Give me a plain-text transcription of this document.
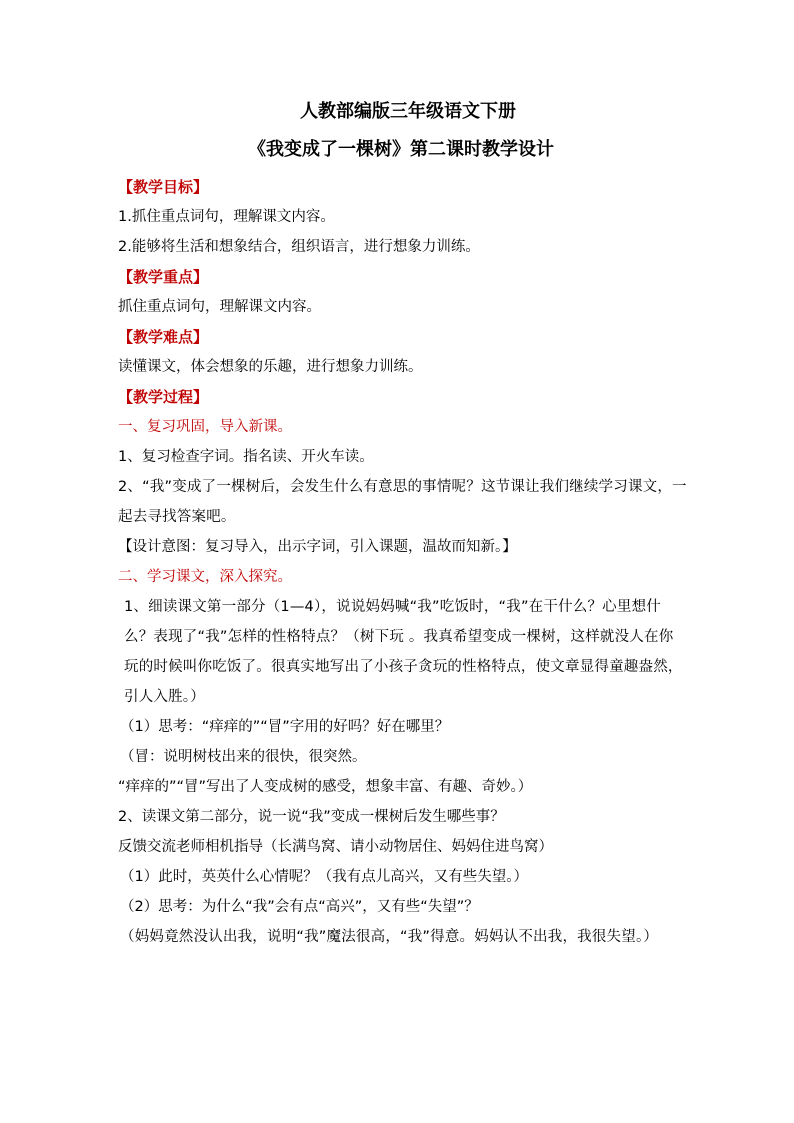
人教部编版三年级语文下册
《我变成了一棵树》第二课时教学设计
【教学目标】
1.抓住重点词句，理解课文内容。
2.能够将生活和想象结合，组织语言，进行想象力训练。
【教学重点】
抓住重点词句，理解课文内容。
【教学难点】
读懂课文，体会想象的乐趣，进行想象力训练。
【教学过程】
一、复习巩固，导入新课。
1、复习检查字词。指名读、开火车读。
2、“我”变成了一棵树后，会发生什么有意思的事情呢？这节课让我们继续学习课文，一起去寻找答案吧。
【设计意图：复习导入，出示字词，引入课题，温故而知新。】
二、学习课文，深入探究。
1、细读课文第一部分（1—4），说说妈妈喊“我”吃饭时，“我”在干什么？心里想什么？表现了“我”怎样的性格特点？（树下玩 。我真希望变成一棵树，这样就没人在你玩的时候叫你吃饭了。很真实地写出了小孩子贪玩的性格特点，使文章显得童趣盎然，引人入胜。）
（1）思考：“痒痒的”“冒”字用的好吗？好在哪里？
（冒：说明树枝出来的很快，很突然。
“痒痒的”“冒”写出了人变成树的感受，想象丰富、有趣、奇妙。）
2、读课文第二部分，说一说“我”变成一棵树后发生哪些事？
反馈交流老师相机指导（长满鸟窝、请小动物居住、妈妈住进鸟窝）
（1）此时，英英什么心情呢？（我有点儿高兴，又有些失望。）
（2）思考：为什么“我”会有点“高兴”，又有些“失望”？
（妈妈竟然没认出我，说明“我”魔法很高，“我”得意。妈妈认不出我，我很失望。）
